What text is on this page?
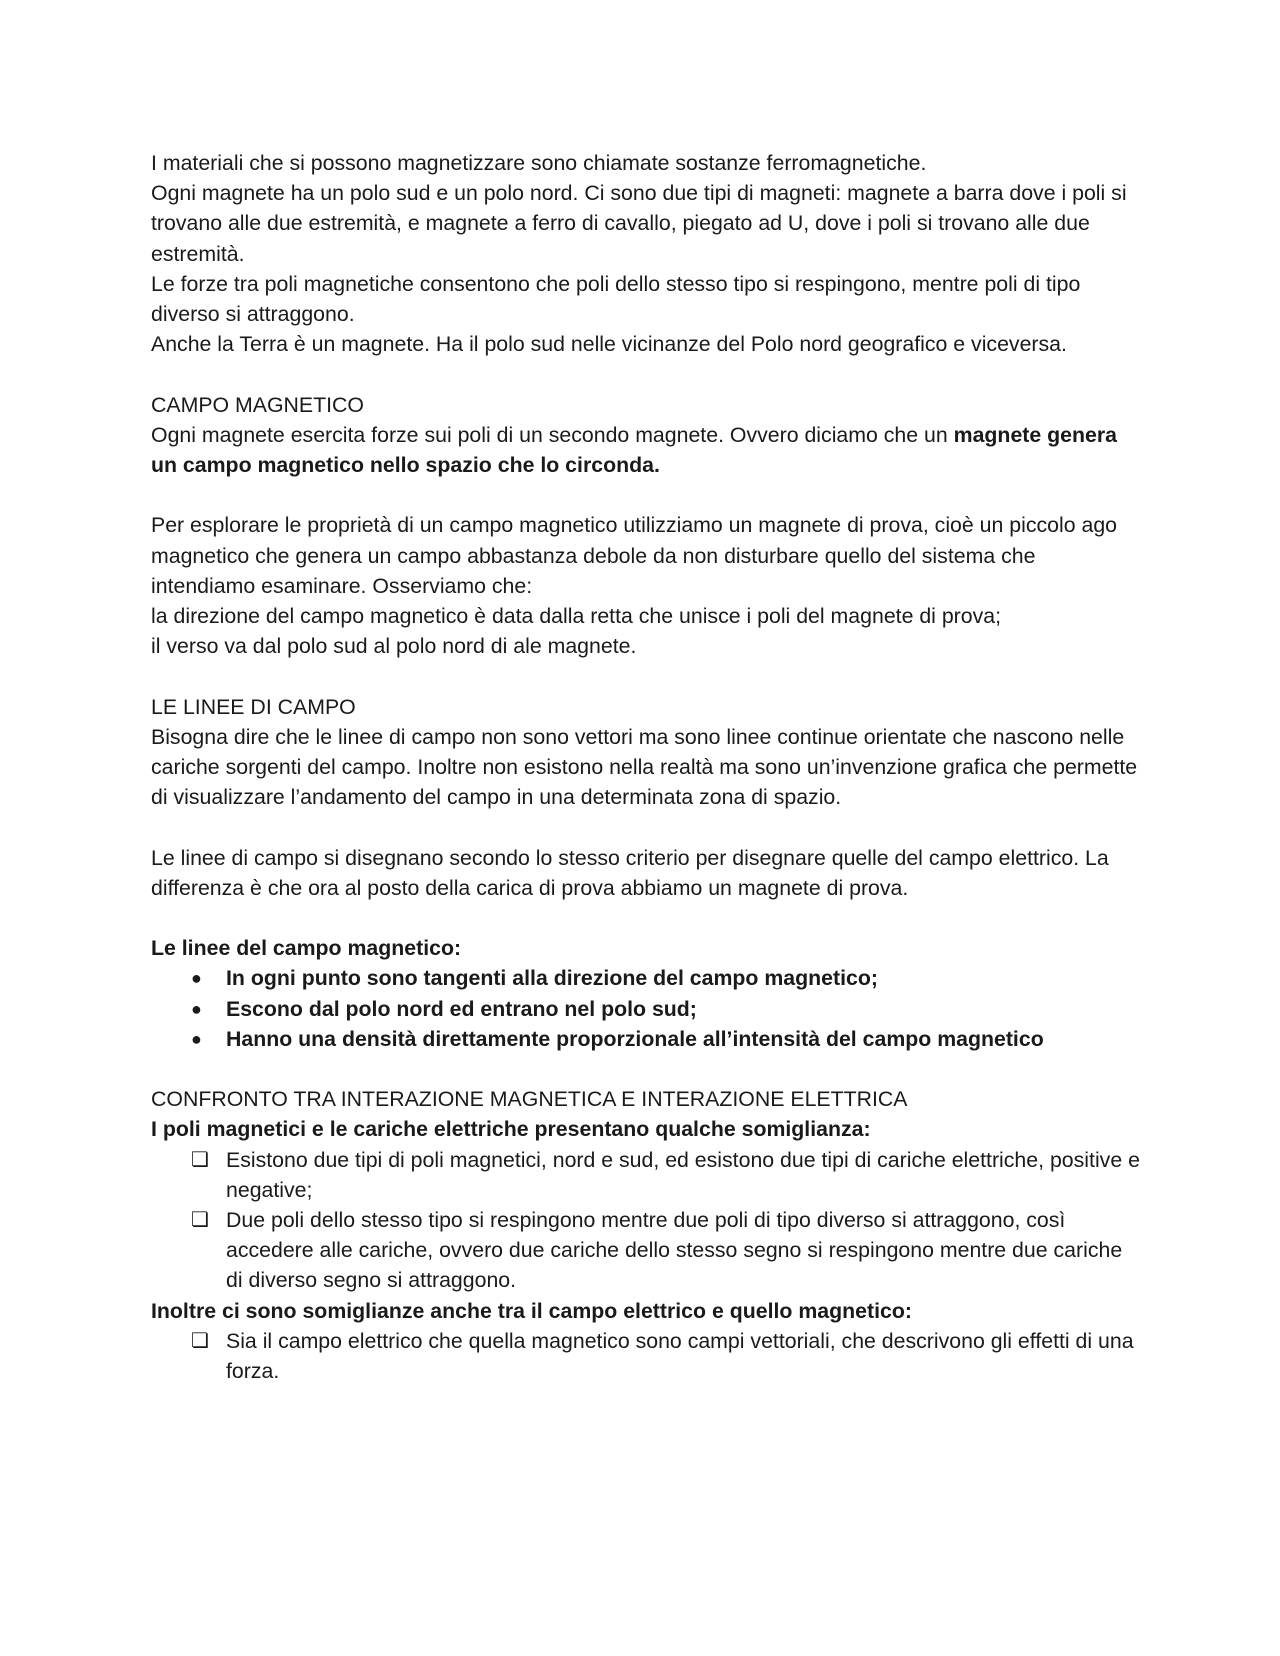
I materiali che si possono magnetizzare sono chiamate sostanze ferromagnetiche.

Ogni magnete ha un polo sud e un polo nord. Ci sono due tipi di magneti: magnete a barra dove i poli si trovano alle due estremità, e magnete a ferro di cavallo, piegato ad U, dove i poli si trovano alle due estremità.

Le forze tra poli magnetiche consentono che poli dello stesso tipo si respingono, mentre poli di tipo diverso si attraggono.

Anche la Terra è un magnete. Ha il polo sud nelle vicinanze del Polo nord geografico e viceversa.

CAMPO MAGNETICO

Ogni magnete esercita forze sui poli di un secondo magnete. Ovvero diciamo che un magnete genera un campo magnetico nello spazio che lo circonda.

Per esplorare le proprietà di un campo magnetico utilizziamo un magnete di prova, cioè un piccolo ago magnetico che genera un campo abbastanza debole da non disturbare quello del sistema che intendiamo esaminare. Osserviamo che:

la direzione del campo magnetico è data dalla retta che unisce i poli del magnete di prova;

il verso va dal polo sud al polo nord di ale magnete.

LE LINEE DI CAMPO

Bisogna dire che le linee di campo non sono vettori ma sono linee continue orientate che nascono nelle cariche sorgenti del campo. Inoltre non esistono nella realtà ma sono un’invenzione grafica che permette di visualizzare l’andamento del campo in una determinata zona di spazio.

Le linee di campo si disegnano secondo lo stesso criterio per disegnare quelle del campo elettrico. La differenza è che ora al posto della carica di prova abbiamo un magnete di prova.

Le linee del campo magnetico:

● In ogni punto sono tangenti alla direzione del campo magnetico;
● Escono dal polo nord ed entrano nel polo sud;
● Hanno una densità direttamente proporzionale all’intensità del campo magnetico

CONFRONTO TRA INTERAZIONE MAGNETICA E INTERAZIONE ELETTRICA

I poli magnetici e le cariche elettriche presentano qualche somiglianza:

❏ Esistono due tipi di poli magnetici, nord e sud, ed esistono due tipi di cariche elettriche, positive e negative;
❏ Due poli dello stesso tipo si respingono mentre due poli di tipo diverso si attraggono, così accedere alle cariche, ovvero due cariche dello stesso segno si respingono mentre due cariche di diverso segno si attraggono.

Inoltre ci sono somiglianze anche tra il campo elettrico e quello magnetico:

❏ Sia il campo elettrico che quella magnetico sono campi vettoriali, che descrivono gli effetti di una forza.
